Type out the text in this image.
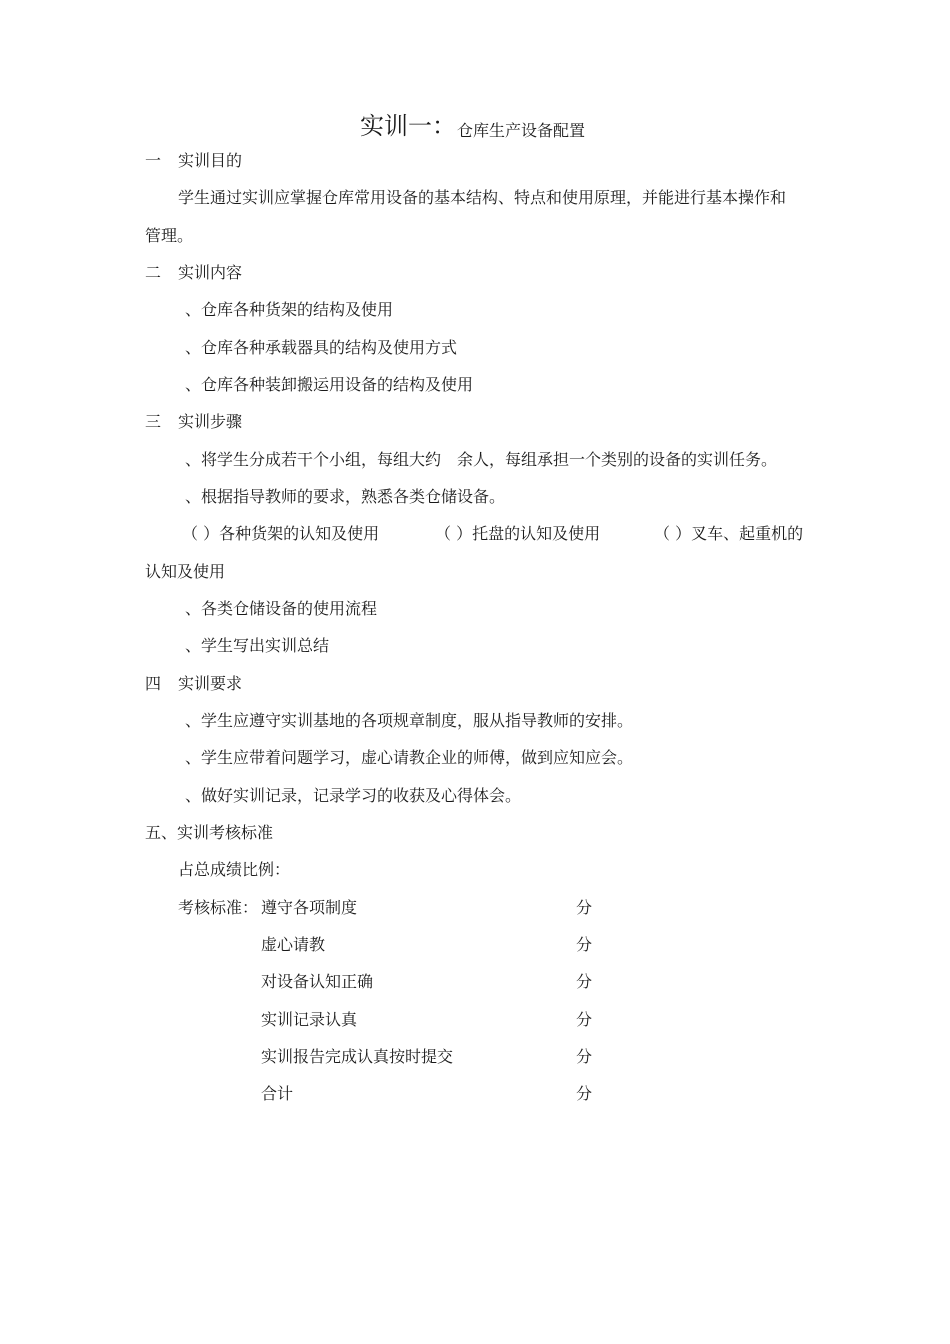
实训一： 仓库生产设备配置
一 实训目的
学生通过实训应掌握仓库常用设备的基本结构、特点和使用原理，并能进行基本操作和
管理。
二 实训内容
、仓库各种货架的结构及使用
、仓库各种承载器具的结构及使用方式
、仓库各种装卸搬运用设备的结构及使用
三 实训步骤
、将学生分成若干个小组，每组大约　余人，每组承担一个类别的设备的实训任务。
、根据指导教师的要求，熟悉各类仓储设备。
（ ）各种货架的认知及使用	（ ）托盘的认知及使用	（ ）叉车、起重机的
认知及使用
、各类仓储设备的使用流程
、学生写出实训总结
四 实训要求
、学生应遵守实训基地的各项规章制度，服从指导教师的安排。
、学生应带着问题学习，虚心请教企业的师傅，做到应知应会。
、做好实训记录，记录学习的收获及心得体会。
五、实训考核标准
占总成绩比例：
考核标准： 遵守各项制度	分
虚心请教	分
对设备认知正确	分
实训记录认真	分
实训报告完成认真按时提交	分
合计	分
